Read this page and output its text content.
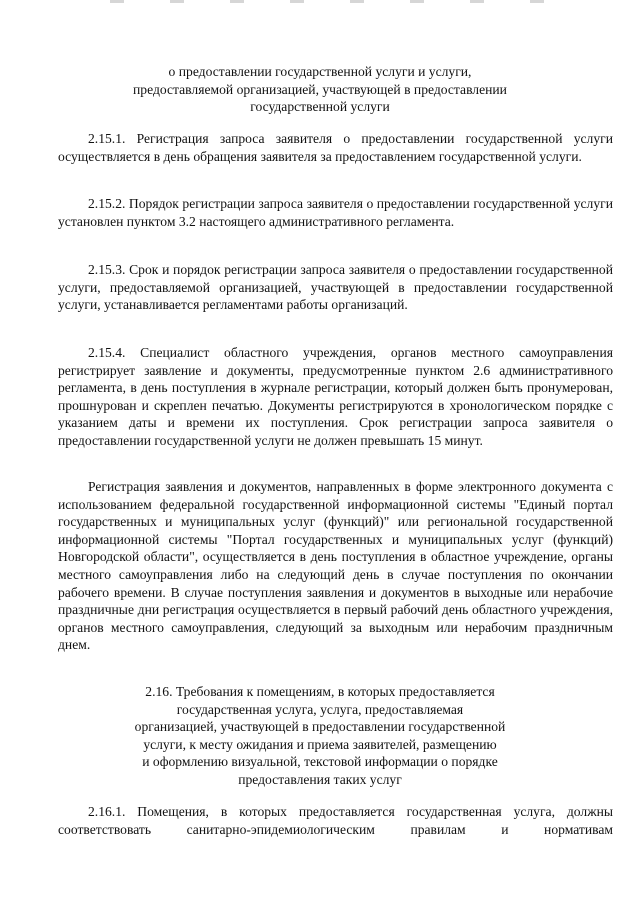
о предоставлении государственной услуги и услуги,
предоставляемой организацией, участвующей в предоставлении
государственной услуги
2.15.1. Регистрация запроса заявителя о предоставлении государственной услуги осуществляется в день обращения заявителя за предоставлением государственной услуги.
2.15.2. Порядок регистрации запроса заявителя о предоставлении государственной услуги установлен пунктом 3.2 настоящего административного регламента.
2.15.3. Срок и порядок регистрации запроса заявителя о предоставлении государственной услуги, предоставляемой организацией, участвующей в предоставлении государственной услуги, устанавливается регламентами работы организаций.
2.15.4. Специалист областного учреждения, органов местного самоуправления регистрирует заявление и документы, предусмотренные пунктом 2.6 административного регламента, в день поступления в журнале регистрации, который должен быть пронумерован, прошнурован и скреплен печатью. Документы регистрируются в хронологическом порядке с указанием даты и времени их поступления. Срок регистрации запроса заявителя о предоставлении государственной услуги не должен превышать 15 минут.
Регистрация заявления и документов, направленных в форме электронного документа с использованием федеральной государственной информационной системы "Единый портал государственных и муниципальных услуг (функций)" или региональной государственной информационной системы "Портал государственных и муниципальных услуг (функций) Новгородской области", осуществляется в день поступления в областное учреждение, органы местного самоуправления либо на следующий день в случае поступления по окончании рабочего времени. В случае поступления заявления и документов в выходные или нерабочие праздничные дни регистрация осуществляется в первый рабочий день областного учреждения, органов местного самоуправления, следующий за выходным или нерабочим праздничным днем.
2.16. Требования к помещениям, в которых предоставляется
государственная услуга, услуга, предоставляемая
организацией, участвующей в предоставлении государственной
услуги, к месту ожидания и приема заявителей, размещению
и оформлению визуальной, текстовой информации о порядке
предоставления таких услуг
2.16.1. Помещения, в которых предоставляется государственная услуга, должны соответствовать санитарно-эпидемиологическим правилам и нормативам
